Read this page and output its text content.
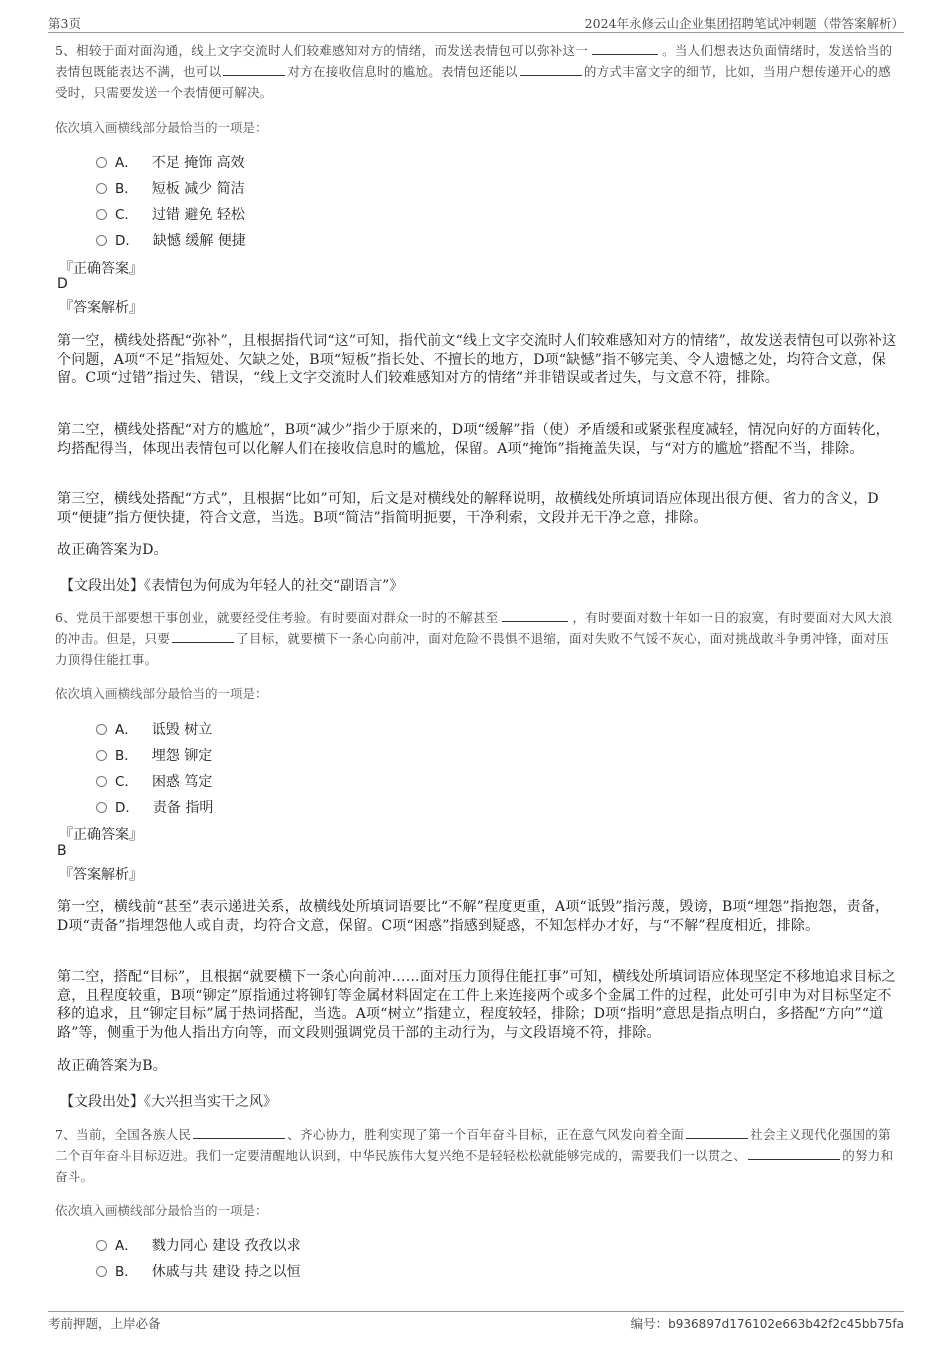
第3页	2024年永修云山企业集团招聘笔试冲刺题（带答案解析）
5、相较于面对面沟通，线上文字交流时人们较难感知对方的情绪，而发送表情包可以弥补这一	。当人们想表达负面情绪时，发送恰当的表情包既能表达不满，也可以	对方在接收信息时的尴尬。表情包还能以	的方式丰富文字的细节，比如，当用户想传递开心的感受时，只需要发送一个表情便可解决。
依次填入画横线部分最恰当的一项是：
A． 不足 掩饰 高效
B． 短板 减少 简洁
C． 过错 避免 轻松
D． 缺憾 缓解 便捷
『正确答案』
D
『答案解析』
第一空，横线处搭配“弥补”，且根据指代词“这”可知，指代前文“线上文字交流时人们较难感知对方的情绪”，故发送表情包可以弥补这个问题，A项“不足”指短处、欠缺之处，B项“短板”指长处、不擅长的地方，D项“缺憾”指不够完美、令人遗憾之处，均符合文意，保留。C项“过错”指过失、错误，“线上文字交流时人们较难感知对方的情绪”并非错误或者过失，与文意不符，排除。
第二空，横线处搭配“对方的尴尬”，B项“减少”指少于原来的，D项“缓解”指（使）矛盾缓和或紧张程度减轻，情况向好的方面转化，均搭配得当，体现出表情包可以化解人们在接收信息时的尴尬，保留。A项“掩饰”指掩盖失误，与“对方的尴尬”搭配不当，排除。
第三空，横线处搭配“方式”，且根据“比如”可知，后文是对横线处的解释说明，故横线处所填词语应体现出很方便、省力的含义，D项“便捷”指方便快捷，符合文意，当选。B项“简洁”指简明扼要，干净利索，文段并无干净之意，排除。
故正确答案为D。
【文段出处】《表情包为何成为年轻人的社交“副语言”》
6、党员干部要想干事创业，就要经受住考验。有时要面对群众一时的不解甚至	，有时要面对数十年如一日的寂寞，有时要面对大风大浪的冲击。但是，只要	了目标，就要横下一条心向前冲，面对危险不畏惧不退缩，面对失败不气馁不灰心，面对挑战敢斗争勇冲锋，面对压力顶得住能扛事。
依次填入画横线部分最恰当的一项是：
A． 诋毁 树立
B． 埋怨 铆定
C． 困惑 笃定
D． 责备 指明
『正确答案』
B
『答案解析』
第一空，横线前“甚至”表示递进关系，故横线处所填词语要比“不解”程度更重，A项“诋毁”指污蔑，毁谤，B项“埋怨”指抱怨，责备，D项“责备”指埋怨他人或自责，均符合文意，保留。C项“困惑”指感到疑惑，不知怎样办才好，与“不解”程度相近，排除。
第二空，搭配“目标”，且根据“就要横下一条心向前冲……面对压力顶得住能扛事”可知，横线处所填词语应体现坚定不移地追求目标之意，且程度较重，B项“铆定”原指通过将铆钉等金属材料固定在工件上来连接两个或多个金属工件的过程，此处可引申为对目标坚定不移的追求，且“铆定目标”属于热词搭配，当选。A项“树立”指建立，程度较轻，排除；D项“指明”意思是指点明白，多搭配“方向”“道路”等，侧重于为他人指出方向等，而文段则强调党员干部的主动行为，与文段语境不符，排除。
故正确答案为B。
【文段出处】《大兴担当实干之风》
7、当前，全国各族人民	、齐心协力，胜利实现了第一个百年奋斗目标，正在意气风发向着全面	社会主义现代化强国的第二个百年奋斗目标迈进。我们一定要清醒地认识到，中华民族伟大复兴绝不是轻轻松松就能够完成的，需要我们一以贯之、	的努力和奋斗。
依次填入画横线部分最恰当的一项是：
A． 戮力同心 建设 孜孜以求
B． 休戚与共 建设 持之以恒
考前押题，上岸必备	编号：b936897d176102e663b42f2c45bb75fa
